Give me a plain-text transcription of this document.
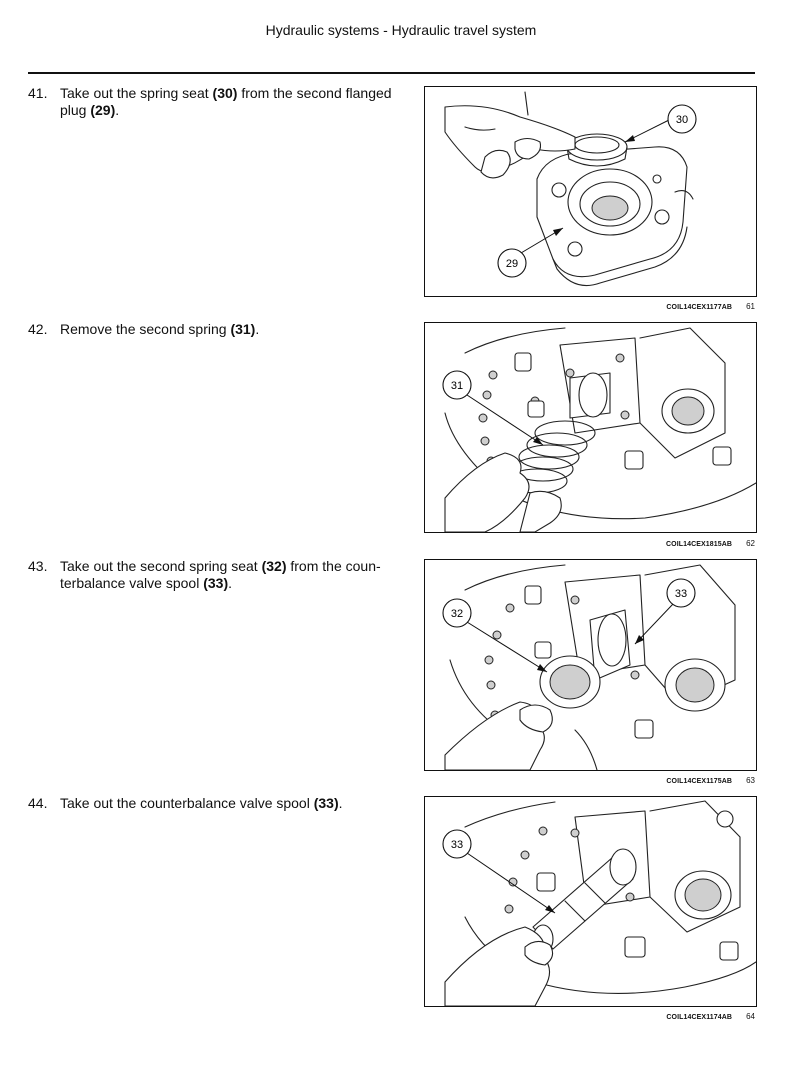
Hydraulic systems - Hydraulic travel system
41. Take out the spring seat (30) from the second flanged plug (29).
30
29
COIL14CEX1177AB 61
42. Remove the second spring (31).
31
COIL14CEX1815AB 62
43. Take out the second spring seat (32) from the coun-terbalance valve spool (33).
32
33
COIL14CEX1175AB 63
44. Take out the counterbalance valve spool (33).
33
COIL14CEX1174AB 64
